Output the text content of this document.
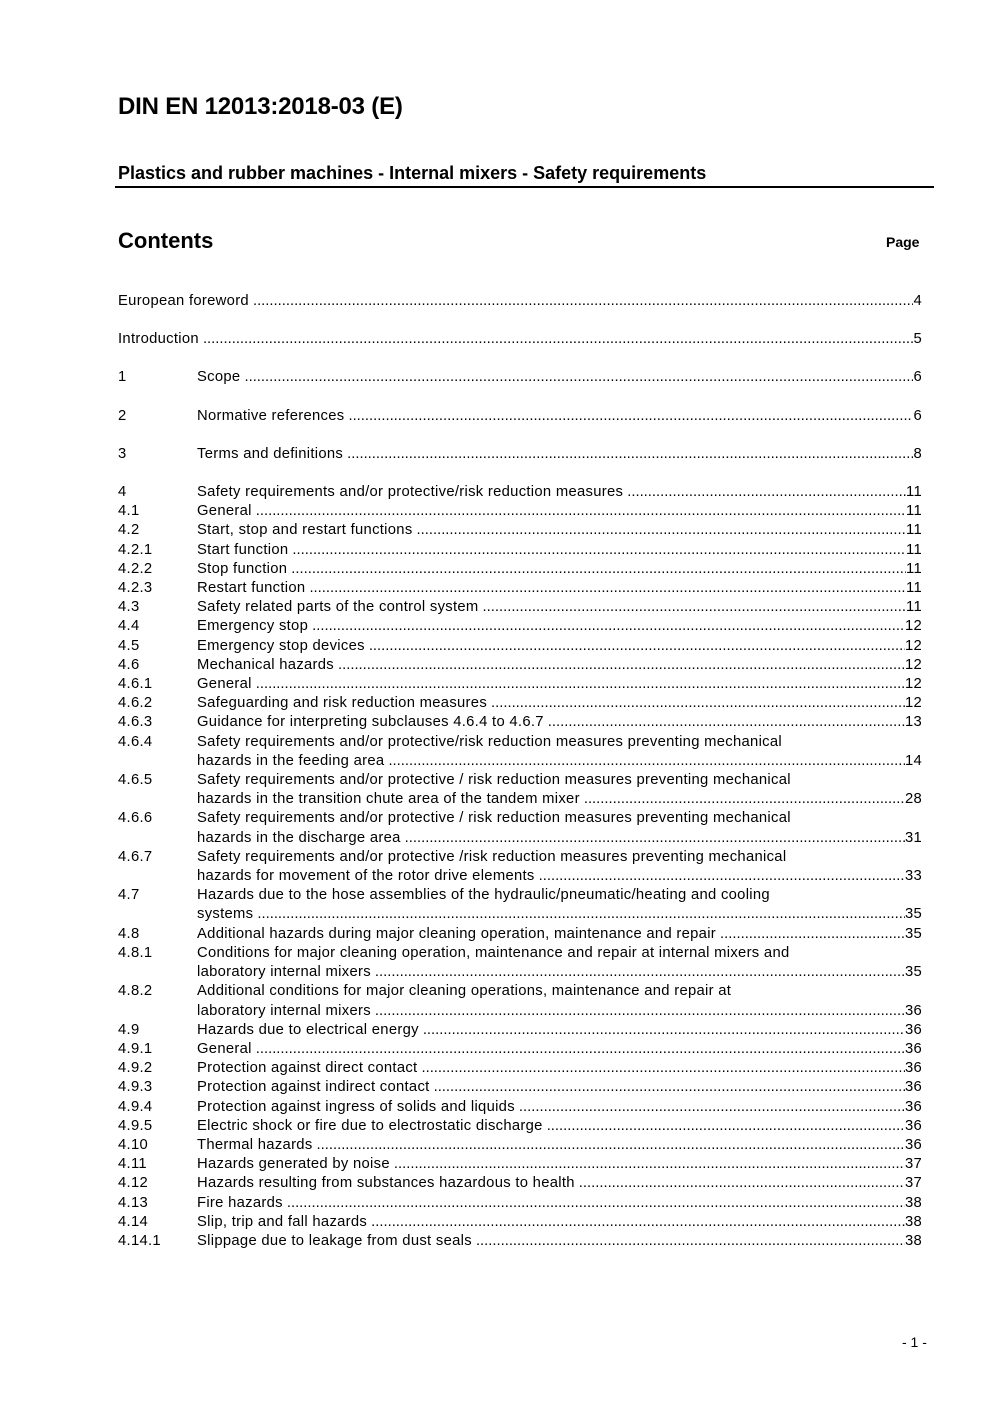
DIN EN 12013:2018-03 (E)
Plastics and rubber machines - Internal mixers - Safety requirements
Contents	Page
European foreword .....	4
Introduction .....	5
1	Scope .....	6
2	Normative references .....	6
3	Terms and definitions .....	8
4	Safety requirements and/or protective/risk reduction measures .....	11
4.1	General .....	11
4.2	Start, stop and restart functions .....	11
4.2.1	Start function .....	11
4.2.2	Stop function .....	11
4.2.3	Restart function .....	11
4.3	Safety related parts of the control system .....	11
4.4	Emergency stop .....	12
4.5	Emergency stop devices .....	12
4.6	Mechanical hazards .....	12
4.6.1	General .....	12
4.6.2	Safeguarding and risk reduction measures .....	12
4.6.3	Guidance for interpreting subclauses 4.6.4 to 4.6.7 .....	13
4.6.4	Safety requirements and/or protective/risk reduction measures preventing mechanical
hazards in the feeding area .....	14
4.6.5	Safety requirements and/or protective / risk reduction measures preventing mechanical
hazards in the transition chute area of the tandem mixer .....	28
4.6.6	Safety requirements and/or protective / risk reduction measures preventing mechanical
hazards in the discharge area .....	31
4.6.7	Safety requirements and/or protective /risk reduction measures preventing mechanical
hazards for movement of the rotor drive elements .....	33
4.7	Hazards due to the hose assemblies of the hydraulic/pneumatic/heating and cooling
systems .....	35
4.8	Additional hazards during major cleaning operation, maintenance and repair .....	35
4.8.1	Conditions for major cleaning operation, maintenance and repair at internal mixers and
laboratory internal mixers .....	35
4.8.2	Additional conditions for major cleaning operations, maintenance and repair at
laboratory internal mixers .....	36
4.9	Hazards due to electrical energy .....	36
4.9.1	General .....	36
4.9.2	Protection against direct contact .....	36
4.9.3	Protection against indirect contact .....	36
4.9.4	Protection against ingress of solids and liquids .....	36
4.9.5	Electric shock or fire due to electrostatic discharge .....	36
4.10	Thermal hazards .....	36
4.11	Hazards generated by noise .....	37
4.12	Hazards resulting from substances hazardous to health .....	37
4.13	Fire hazards .....	38
4.14	Slip, trip and fall hazards .....	38
4.14.1	Slippage due to leakage from dust seals .....	38
- 1 -
